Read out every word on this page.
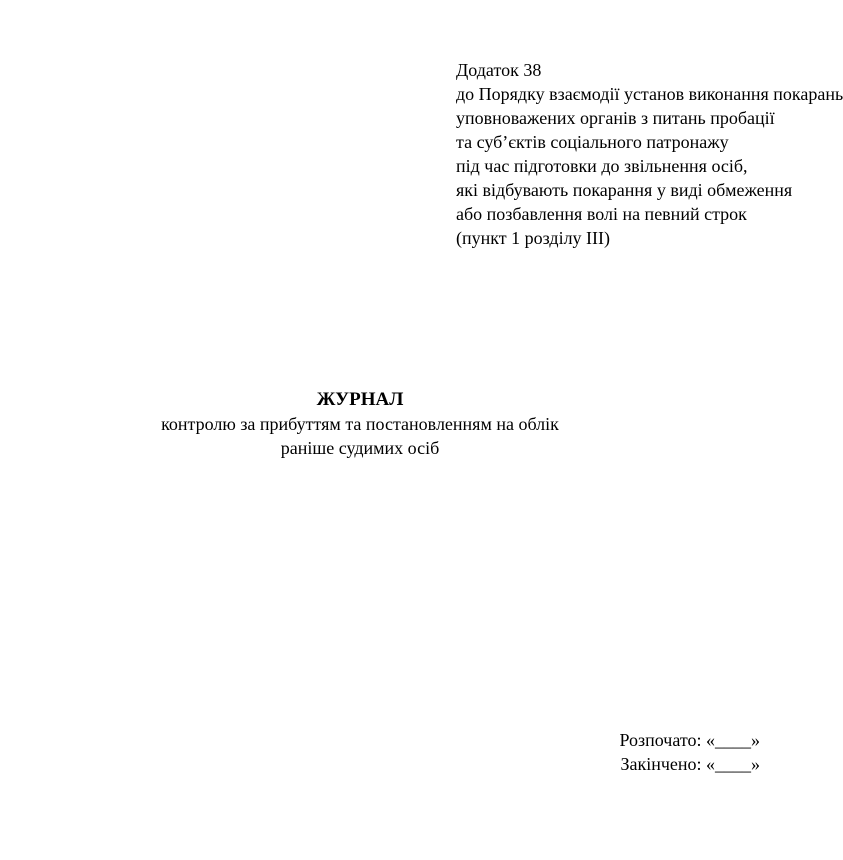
Додаток 38
до Порядку взаємодії установ виконання покарань
уповноважених органів з питань пробації
та суб’єктів соціального патронажу
під час підготовки до звільнення осіб,
які відбувають покарання у виді обмеження
або позбавлення волі на певний строк
(пункт 1 розділу III)
ЖУРНАЛ
контролю за прибуттям та постановленням на облік
раніше судимих осіб
Розпочато: «____»
Закінчено: «____»
